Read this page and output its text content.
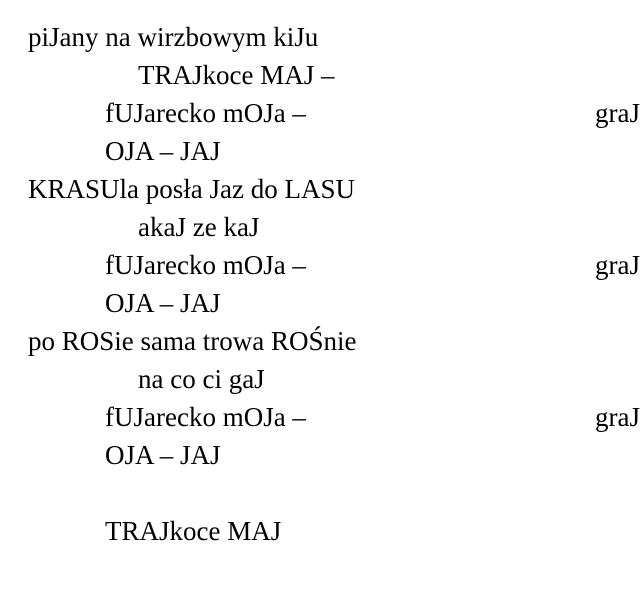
piJany na wirzbowym kiJu
TRAJkoce MAJ –
fUJarecko mOJa –	graJ
OJA – JAJ
KRASUla posła Jaz do LASU
akaJ ze kaJ
fUJarecko mOJa –	graJ
OJA – JAJ
po ROSie sama trowa ROŚnie
na co ci gaJ
fUJarecko mOJa –	graJ
OJA – JAJ
TRAJkoce MAJ
